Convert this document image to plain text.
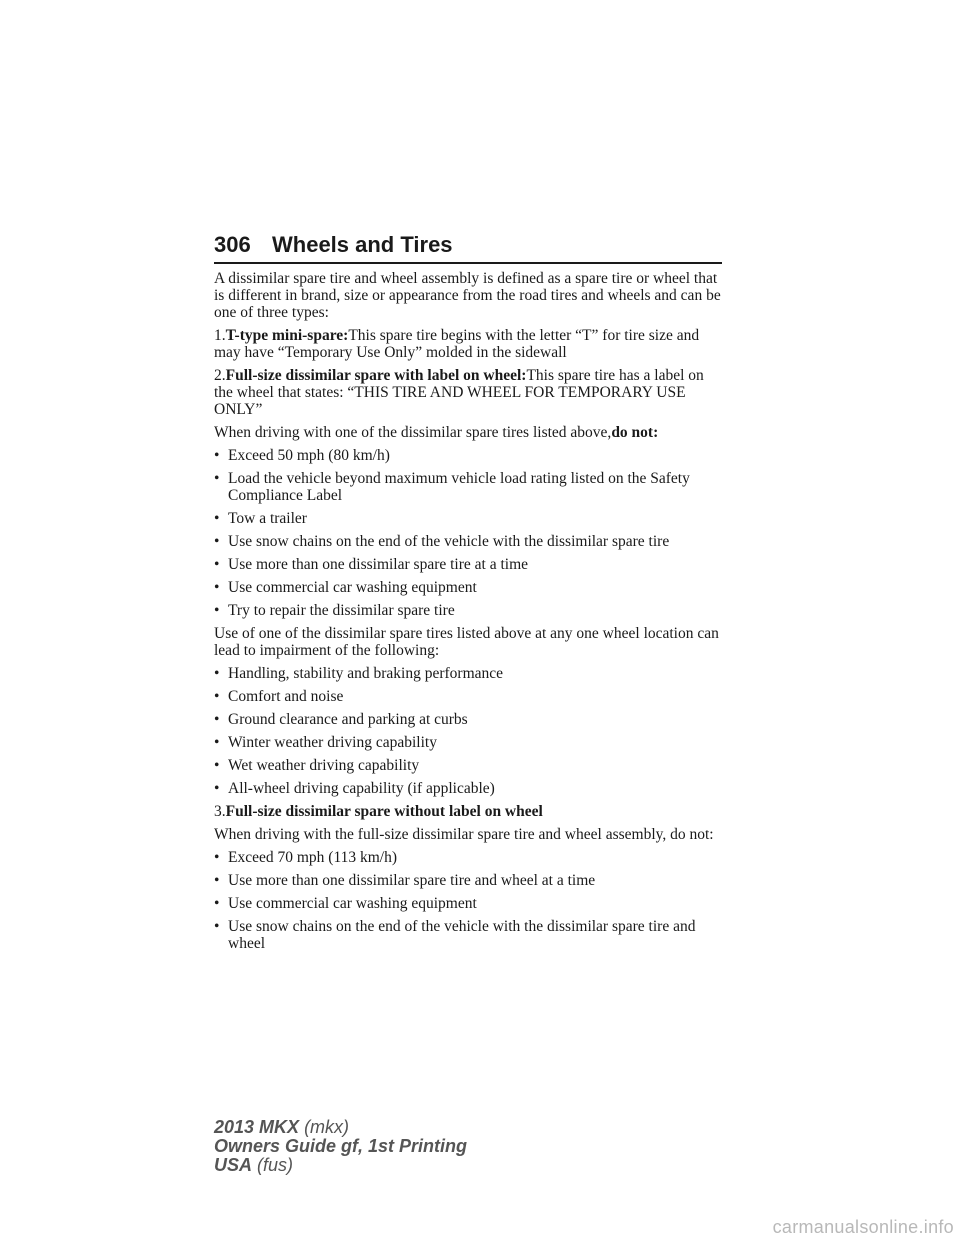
306 Wheels and Tires

A dissimilar spare tire and wheel assembly is defined as a spare tire or wheel that is different in brand, size or appearance from the road tires and wheels and can be one of three types:

1.T-type mini-spare:This spare tire begins with the letter “T” for tire size and may have “Temporary Use Only” molded in the sidewall

2.Full-size dissimilar spare with label on wheel:This spare tire has a label on the wheel that states: “THIS TIRE AND WHEEL FOR TEMPORARY USE ONLY”

When driving with one of the dissimilar spare tires listed above,do not:

• Exceed 50 mph (80 km/h)
• Load the vehicle beyond maximum vehicle load rating listed on the Safety Compliance Label
• Tow a trailer
• Use snow chains on the end of the vehicle with the dissimilar spare tire
• Use more than one dissimilar spare tire at a time
• Use commercial car washing equipment
• Try to repair the dissimilar spare tire

Use of one of the dissimilar spare tires listed above at any one wheel location can lead to impairment of the following:

• Handling, stability and braking performance
• Comfort and noise
• Ground clearance and parking at curbs
• Winter weather driving capability
• Wet weather driving capability
• All-wheel driving capability (if applicable)

3.Full-size dissimilar spare without label on wheel

When driving with the full-size dissimilar spare tire and wheel assembly, do not:

• Exceed 70 mph (113 km/h)
• Use more than one dissimilar spare tire and wheel at a time
• Use commercial car washing equipment
• Use snow chains on the end of the vehicle with the dissimilar spare tire and wheel
2013 MKX (mkx)
Owners Guide gf, 1st Printing
USA (fus)
carmanualsonline.info
